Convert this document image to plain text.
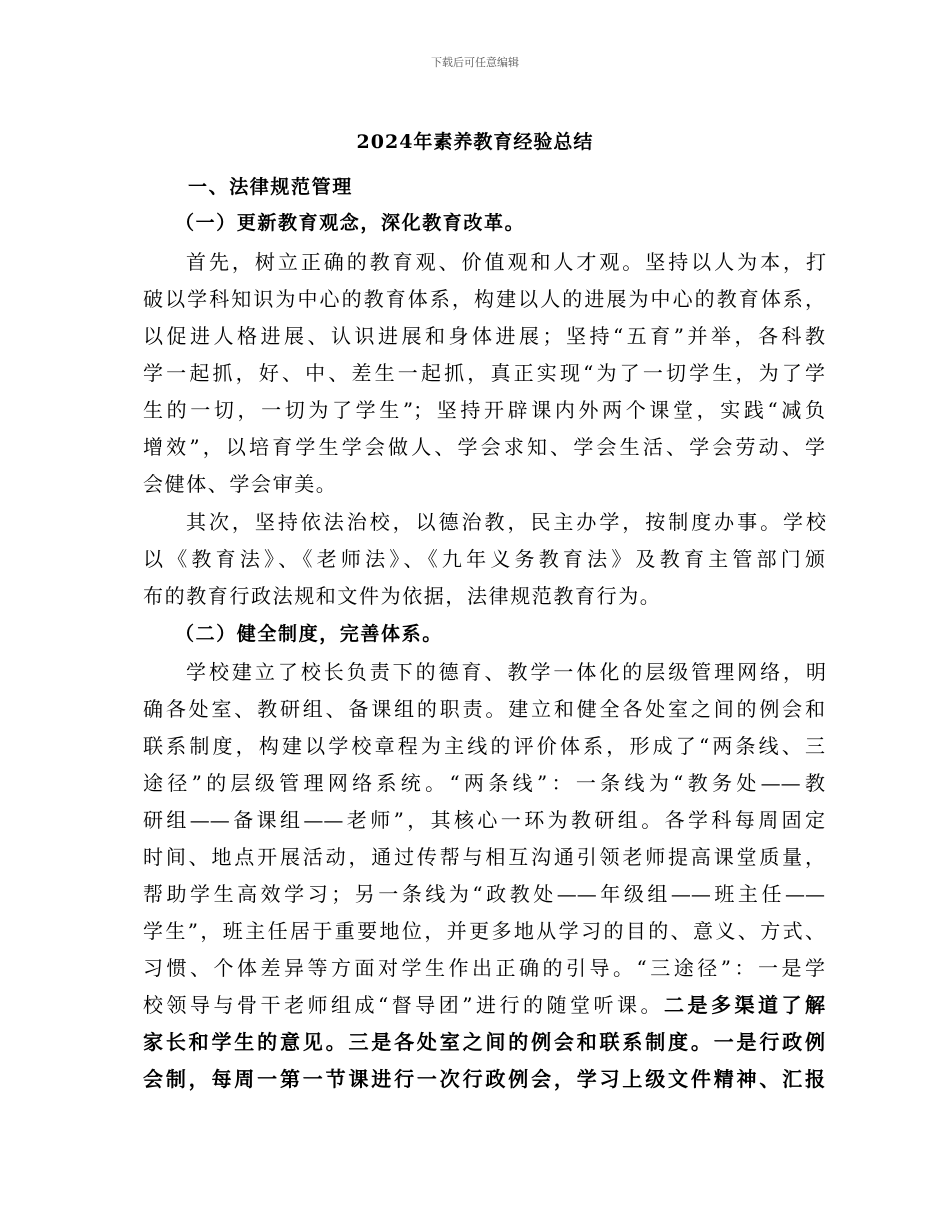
下载后可任意编辑
2024年素养教育经验总结
一、法律规范管理
（一）更新教育观念，深化教育改革。
首先，树立正确的教育观、价值观和人才观。坚持以人为本，打
破以学科知识为中心的教育体系，构建以人的进展为中心的教育体系，
以促进人格进展、认识进展和身体进展；坚持“五育”并举，各科教
学一起抓，好、中、差生一起抓，真正实现“为了一切学生，为了学
生的一切，一切为了学生”；坚持开辟课内外两个课堂，实践“减负
增效”，以培育学生学会做人、学会求知、学会生活、学会劳动、学
会健体、学会审美。
其次，坚持依法治校，以德治教，民主办学，按制度办事。学校
以《教育法》、《老师法》、《九年义务教育法》及教育主管部门颁
布的教育行政法规和文件为依据，法律规范教育行为。
（二）健全制度，完善体系。
学校建立了校长负责下的德育、教学一体化的层级管理网络，明
确各处室、教研组、备课组的职责。建立和健全各处室之间的例会和
联系制度，构建以学校章程为主线的评价体系，形成了“两条线、三
途径”的层级管理网络系统。“两条线”：一条线为“教务处——教
研组——备课组——老师”，其核心一环为教研组。各学科每周固定
时间、地点开展活动，通过传帮与相互沟通引领老师提高课堂质量，
帮助学生高效学习；另一条线为“政教处——年级组——班主任——
学生”，班主任居于重要地位，并更多地从学习的目的、意义、方式、
习惯、个体差异等方面对学生作出正确的引导。“三途径”：一是学
校领导与骨干老师组成“督导团”进行的随堂听课。二是多渠道了解
家长和学生的意见。三是各处室之间的例会和联系制度。一是行政例
会制，每周一第一节课进行一次行政例会，学习上级文件精神、汇报
